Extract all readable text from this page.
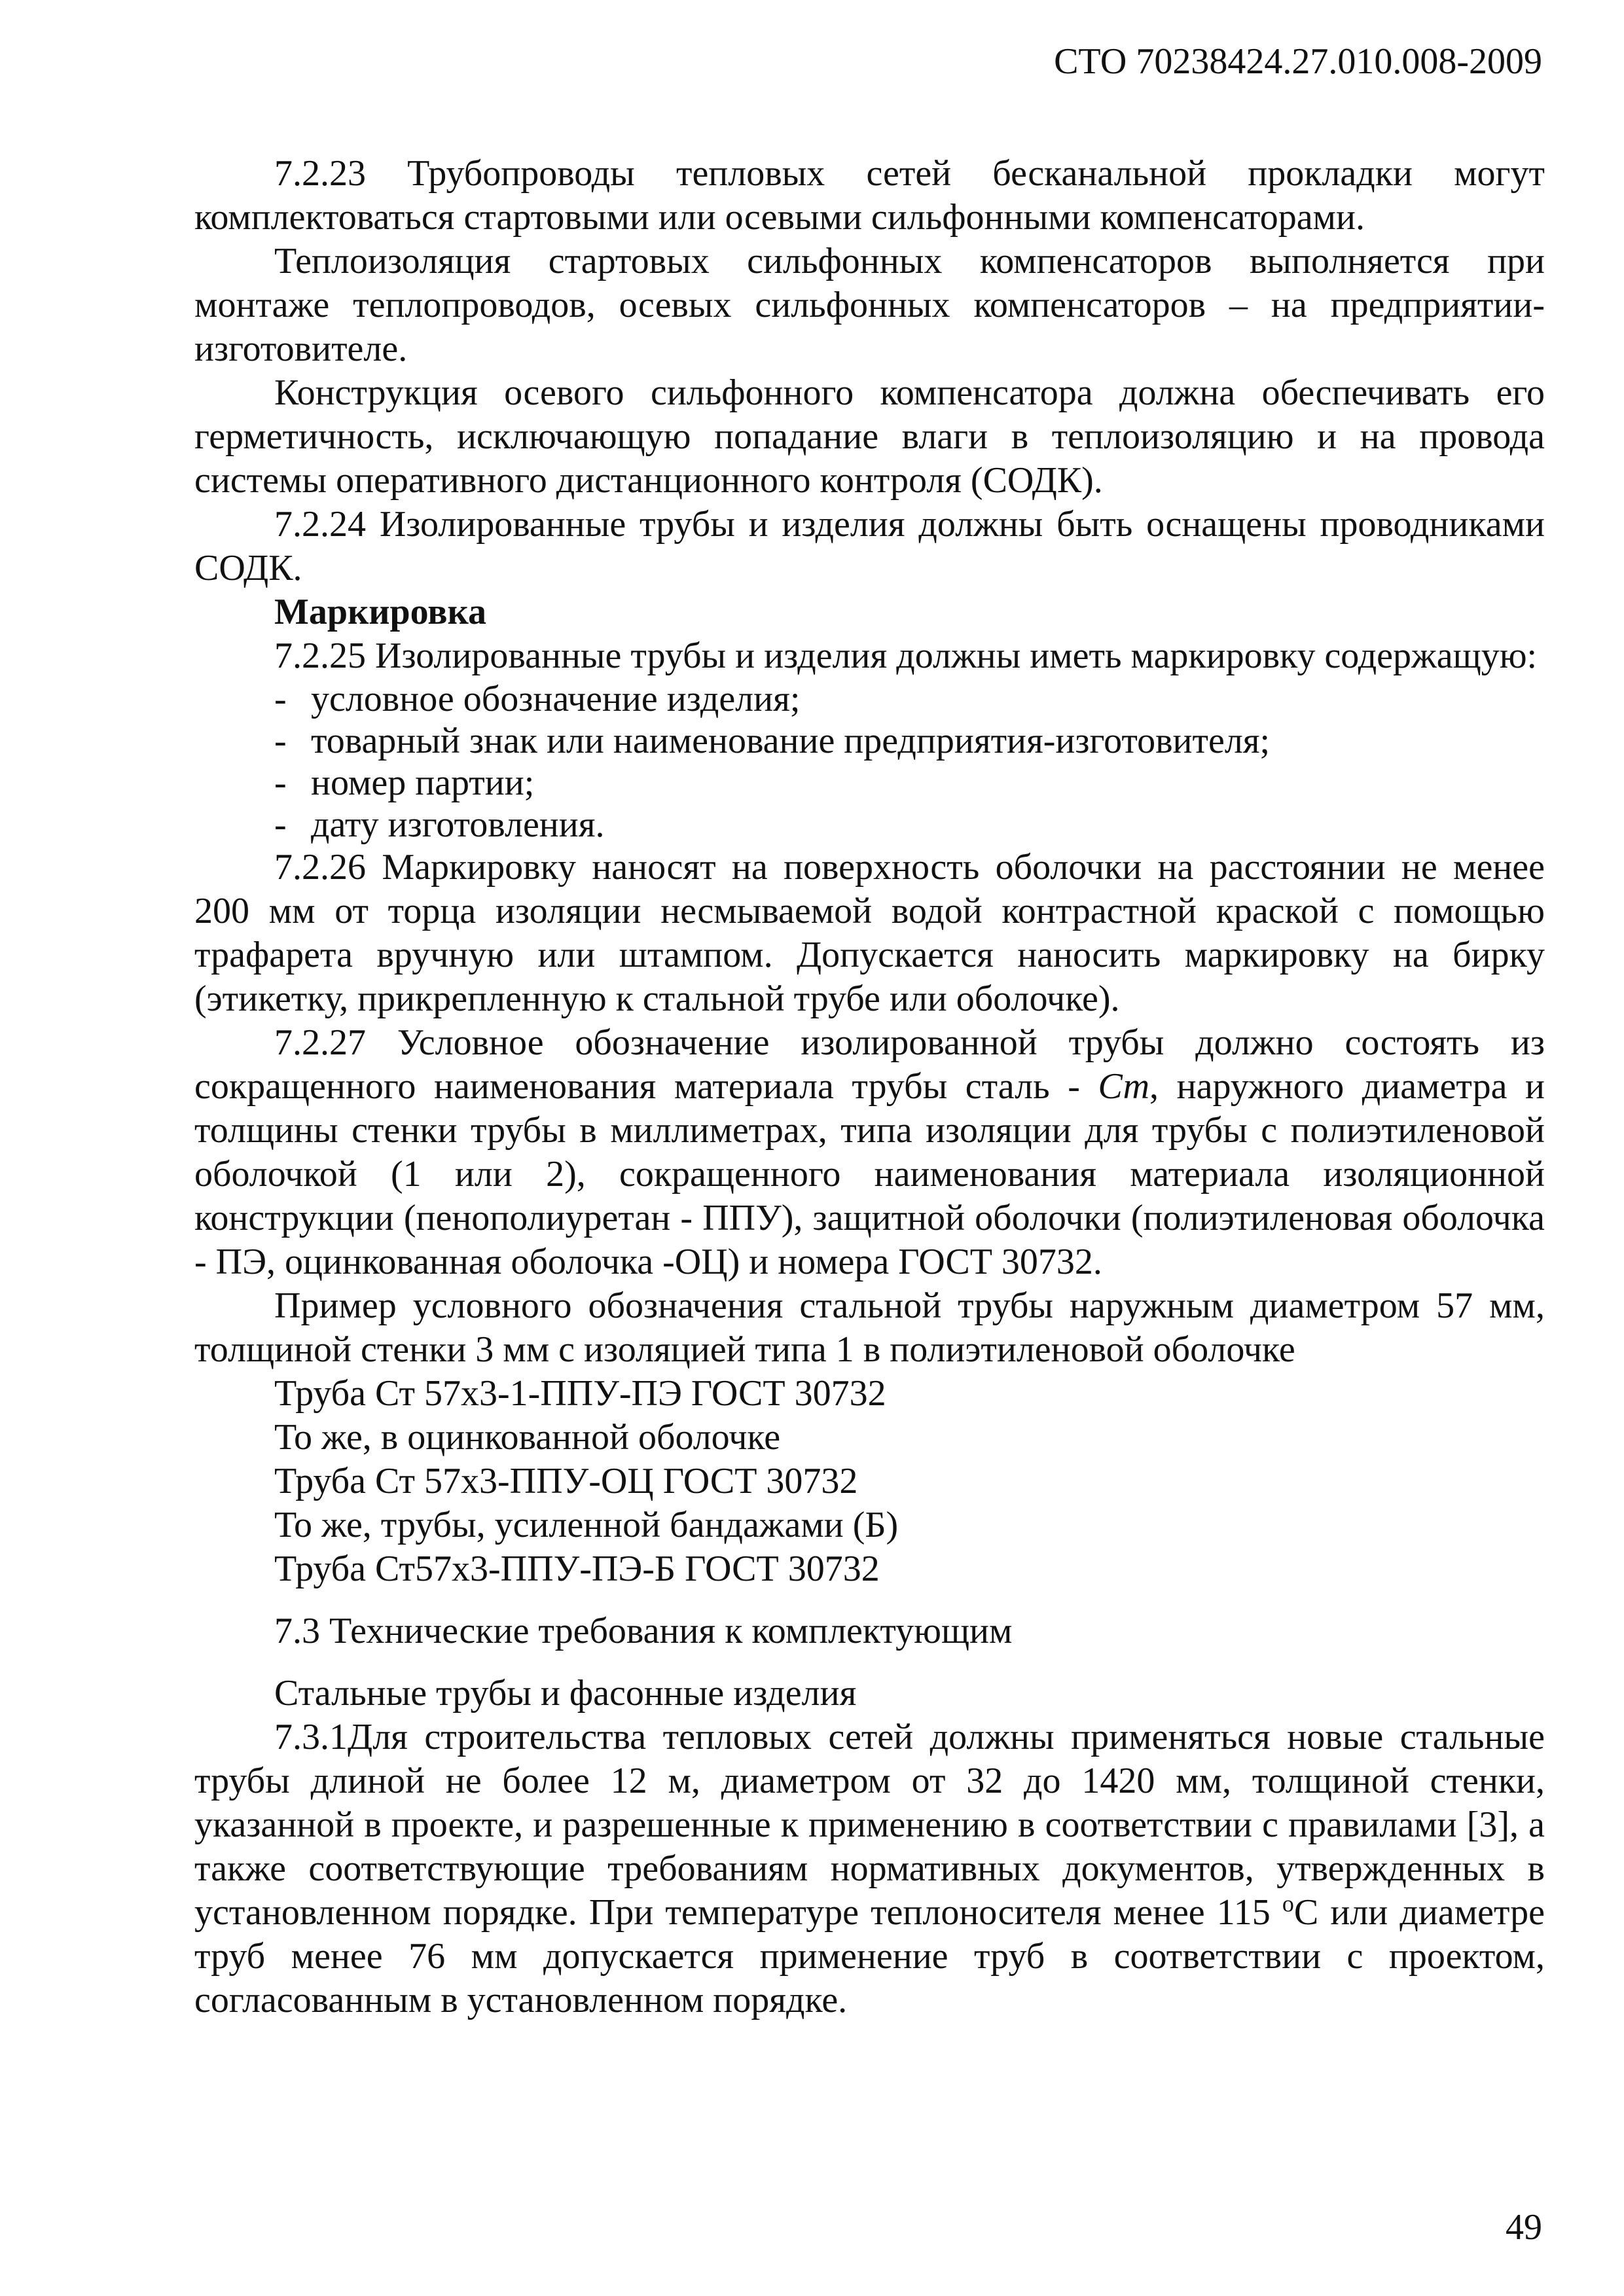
СТО 70238424.27.010.008-2009

7.2.23 Трубопроводы тепловых сетей бесканальной прокладки могут комплектоваться стартовыми или осевыми сильфонными компенсаторами.

Теплоизоляция стартовых сильфонных компенсаторов выполняется при монтаже теплопроводов, осевых сильфонных компенсаторов – на предприятии-изготовителе.

Конструкция осевого сильфонного компенсатора должна обеспечивать его герметичность, исключающую попадание влаги в теплоизоляцию и на провода системы оперативного дистанционного контроля (СОДК).

7.2.24 Изолированные трубы и изделия должны быть оснащены проводниками СОДК.

Маркировка

7.2.25 Изолированные трубы и изделия должны иметь маркировку содержащую:

- условное обозначение изделия;
- товарный знак или наименование предприятия-изготовителя;
- номер партии;
- дату изготовления.

7.2.26 Маркировку наносят на поверхность оболочки на расстоянии не менее 200 мм от торца изоляции несмываемой водой контрастной краской с помощью трафарета вручную или штампом. Допускается наносить маркировку на бирку (этикетку, прикрепленную к стальной трубе или оболочке).

7.2.27 Условное обозначение изолированной трубы должно состоять из сокращенного наименования материала трубы сталь - Ст, наружного диаметра и толщины стенки трубы в миллиметрах, типа изоляции для трубы с полиэтиленовой оболочкой (1 или 2), сокращенного наименования материала изоляционной конструкции (пенополиуретан - ППУ), защитной оболочки (полиэтиленовая оболочка - ПЭ, оцинкованная оболочка -ОЦ) и номера ГОСТ 30732.

Пример условного обозначения стальной трубы наружным диаметром 57 мм, толщиной стенки 3 мм с изоляцией типа 1 в полиэтиленовой оболочке

Труба Ст 57х3-1-ППУ-ПЭ ГОСТ 30732

То же, в оцинкованной оболочке

Труба Ст 57х3-ППУ-ОЦ ГОСТ 30732

То же, трубы, усиленной бандажами (Б)

Труба Ст57х3-ППУ-ПЭ-Б ГОСТ 30732

7.3 Технические требования к комплектующим

Стальные трубы и фасонные изделия

7.3.1Для строительства тепловых сетей должны применяться новые стальные трубы длиной не более 12 м, диаметром от 32 до 1420 мм, толщиной стенки, указанной в проекте, и разрешенные к применению в соответствии с правилами [3], а также соответствующие требованиям нормативных документов, утвержденных в установленном порядке. При температуре теплоносителя менее 115 $^о$С или диаметре труб менее 76 мм допускается применение труб в соответствии с проектом, согласованным в установленном порядке.

49
